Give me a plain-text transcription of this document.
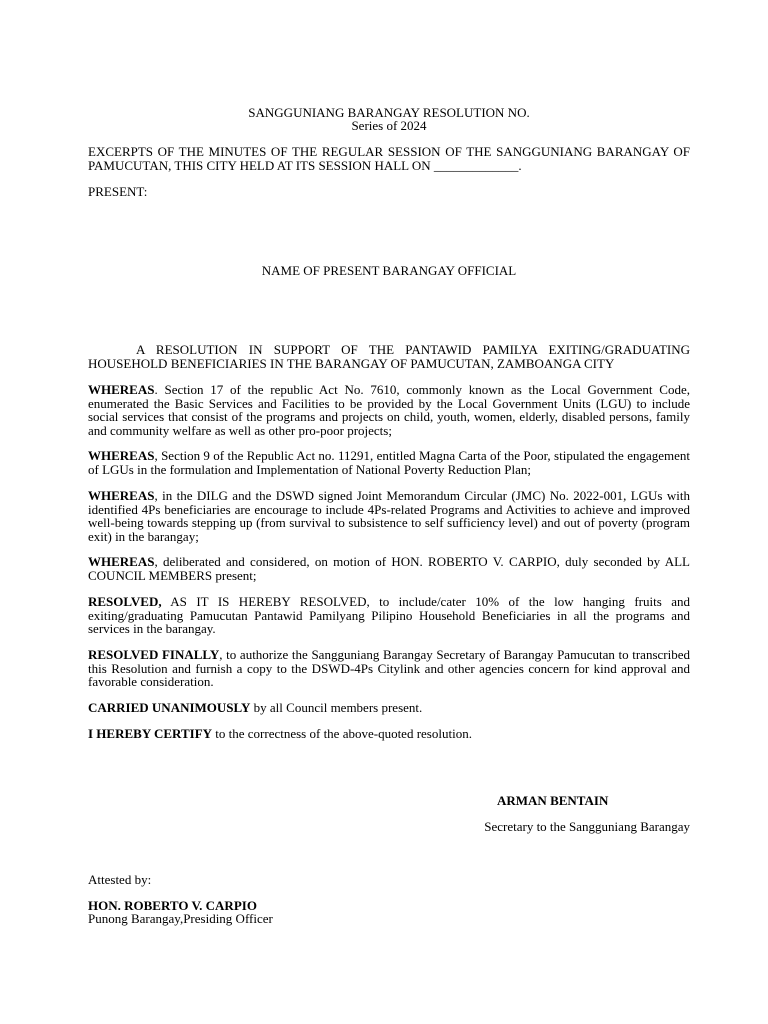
SANGGUNIANG BARANGAY RESOLUTION NO.

Series of 2024

EXCERPTS OF THE MINUTES OF THE REGULAR SESSION OF THE SANGGUNIANG BARANGAY OF PAMUCUTAN, THIS CITY HELD AT ITS SESSION HALL ON _____________.

PRESENT:

NAME OF PRESENT BARANGAY OFFICIAL

A RESOLUTION IN SUPPORT OF THE PANTAWID PAMILYA EXITING/GRADUATING HOUSEHOLD BENEFICIARIES IN THE BARANGAY OF PAMUCUTAN, ZAMBOANGA CITY

WHEREAS. Section 17 of the republic Act No. 7610, commonly known as the Local Government Code, enumerated the Basic Services and Facilities to be provided by the Local Government Units (LGU) to include social services that consist of the programs and projects on child, youth, women, elderly, disabled persons, family and community welfare as well as other pro-poor projects;

WHEREAS, Section 9 of the Republic Act no. 11291, entitled Magna Carta of the Poor, stipulated the engagement of LGUs in the formulation and Implementation of National Poverty Reduction Plan;

WHEREAS, in the DILG and the DSWD signed Joint Memorandum Circular (JMC) No. 2022-001, LGUs with identified 4Ps beneficiaries are encourage to include 4Ps-related Programs and Activities to achieve and improved well-being towards stepping up (from survival to subsistence to self sufficiency level) and out of poverty (program exit) in the barangay;

WHEREAS, deliberated and considered, on motion of HON. ROBERTO V. CARPIO, duly seconded by ALL COUNCIL MEMBERS present;

RESOLVED, AS IT IS HEREBY RESOLVED, to include/cater 10% of the low hanging fruits and exiting/graduating Pamucutan Pantawid Pamilyang Pilipino Household Beneficiaries in all the programs and services in the barangay.

RESOLVED FINALLY, to authorize the Sangguniang Barangay Secretary of Barangay Pamucutan to transcribed this Resolution and furnish a copy to the DSWD-4Ps Citylink and other agencies concern for kind approval and favorable consideration.

CARRIED UNANIMOUSLY by all Council members present.

I HEREBY CERTIFY to the correctness of the above-quoted resolution.

ARMAN BENTAIN

Secretary to the Sangguniang Barangay

Attested by:

HON. ROBERTO V. CARPIO

Punong Barangay,Presiding Officer
